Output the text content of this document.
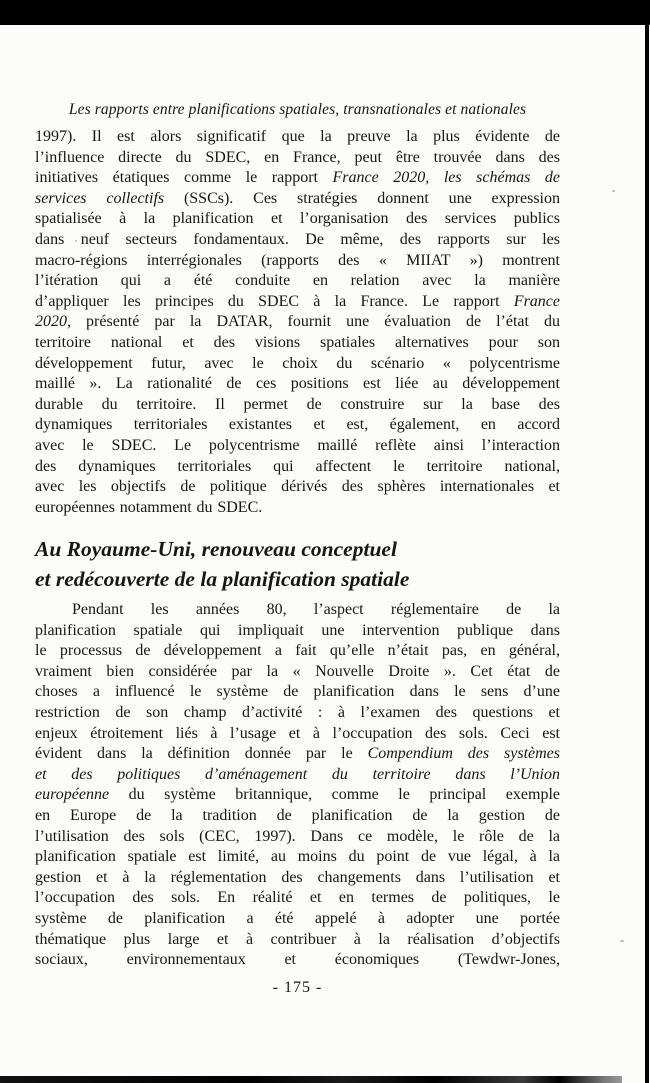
Les rapports entre planifications spatiales, transnationales et nationales
1997). Il est alors significatif que la preuve la plus évidente de
l’influence directe du SDEC, en France, peut être trouvée dans des
initiatives étatiques comme le rapport France 2020, les schémas de
services collectifs (SSCs). Ces stratégies donnent une expression
spatialisée à la planification et l’organisation des services publics
dans neuf secteurs fondamentaux. De même, des rapports sur les
macro-régions interrégionales (rapports des « MIIAT ») montrent
l’itération qui a été conduite en relation avec la manière
d’appliquer les principes du SDEC à la France. Le rapport France
2020, présenté par la DATAR, fournit une évaluation de l’état du
territoire national et des visions spatiales alternatives pour son
développement futur, avec le choix du scénario « polycentrisme
maillé ». La rationalité de ces positions est liée au développement
durable du territoire. Il permet de construire sur la base des
dynamiques territoriales existantes et est, également, en accord
avec le SDEC. Le polycentrisme maillé reflète ainsi l’interaction
des dynamiques territoriales qui affectent le territoire national,
avec les objectifs de politique dérivés des sphères internationales et
européennes notamment du SDEC.
Au Royaume-Uni, renouveau conceptuel
et redécouverte de la planification spatiale
Pendant les années 80, l’aspect réglementaire de la
planification spatiale qui impliquait une intervention publique dans
le processus de développement a fait qu’elle n’était pas, en général,
vraiment bien considérée par la « Nouvelle Droite ». Cet état de
choses a influencé le système de planification dans le sens d’une
restriction de son champ d’activité : à l’examen des questions et
enjeux étroitement liés à l’usage et à l’occupation des sols. Ceci est
évident dans la définition donnée par le Compendium des systèmes
et des politiques d’aménagement du territoire dans l’Union
européenne du système britannique, comme le principal exemple
en Europe de la tradition de planification de la gestion de
l’utilisation des sols (CEC, 1997). Dans ce modèle, le rôle de la
planification spatiale est limité, au moins du point de vue légal, à la
gestion et à la réglementation des changements dans l’utilisation et
l’occupation des sols. En réalité et en termes de politiques, le
système de planification a été appelé à adopter une portée
thématique plus large et à contribuer à la réalisation d’objectifs
sociaux, environnementaux et économiques (Tewdwr-Jones,
- 175 -
